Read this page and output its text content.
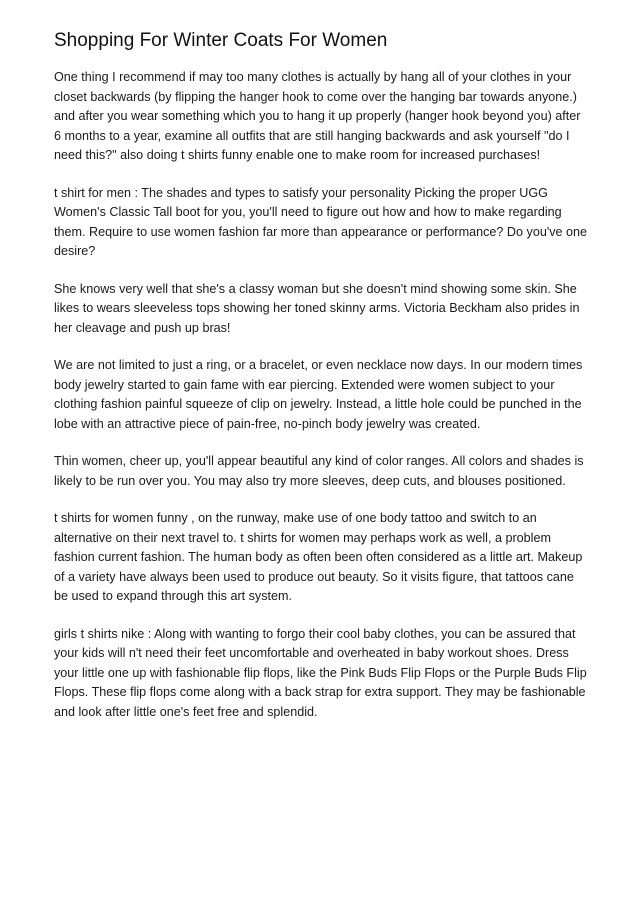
Shopping For Winter Coats For Women

One thing I recommend if may too many clothes is actually by hang all of your clothes in your closet backwards (by flipping the hanger hook to come over the hanging bar towards anyone.) and after you wear something which you to hang it up properly (hanger hook beyond you) after 6 months to a year, examine all outfits that are still hanging backwards and ask yourself "do I need this?" also doing t shirts funny enable one to make room for increased purchases!

t shirt for men : The shades and types to satisfy your personality Picking the proper UGG Women's Classic Tall boot for you, you'll need to figure out how and how to make regarding them. Require to use women fashion far more than appearance or performance? Do you've one desire?

She knows very well that she's a classy woman but she doesn't mind showing some skin. She likes to wears sleeveless tops showing her toned skinny arms. Victoria Beckham also prides in her cleavage and push up bras!

We are not limited to just a ring, or a bracelet, or even necklace now days. In our modern times body jewelry started to gain fame with ear piercing. Extended were women subject to your clothing fashion painful squeeze of clip on jewelry. Instead, a little hole could be punched in the lobe with an attractive piece of pain-free, no-pinch body jewelry was created.

Thin women, cheer up, you'll appear beautiful any kind of color ranges. All colors and shades is likely to be run over you. You may also try more sleeves, deep cuts, and blouses positioned.

t shirts for women funny , on the runway, make use of one body tattoo and switch to an alternative on their next travel to. t shirts for women may perhaps work as well, a problem fashion current fashion. The human body as often been often considered as a little art. Makeup of a variety have always been used to produce out beauty. So it visits figure, that tattoos cane be used to expand through this art system.

girls t shirts nike : Along with wanting to forgo their cool baby clothes, you can be assured that your kids will n't need their feet uncomfortable and overheated in baby workout shoes. Dress your little one up with fashionable flip flops, like the Pink Buds Flip Flops or the Purple Buds Flip Flops. These flip flops come along with a back strap for extra support. They may be fashionable and look after little one's feet free and splendid.
